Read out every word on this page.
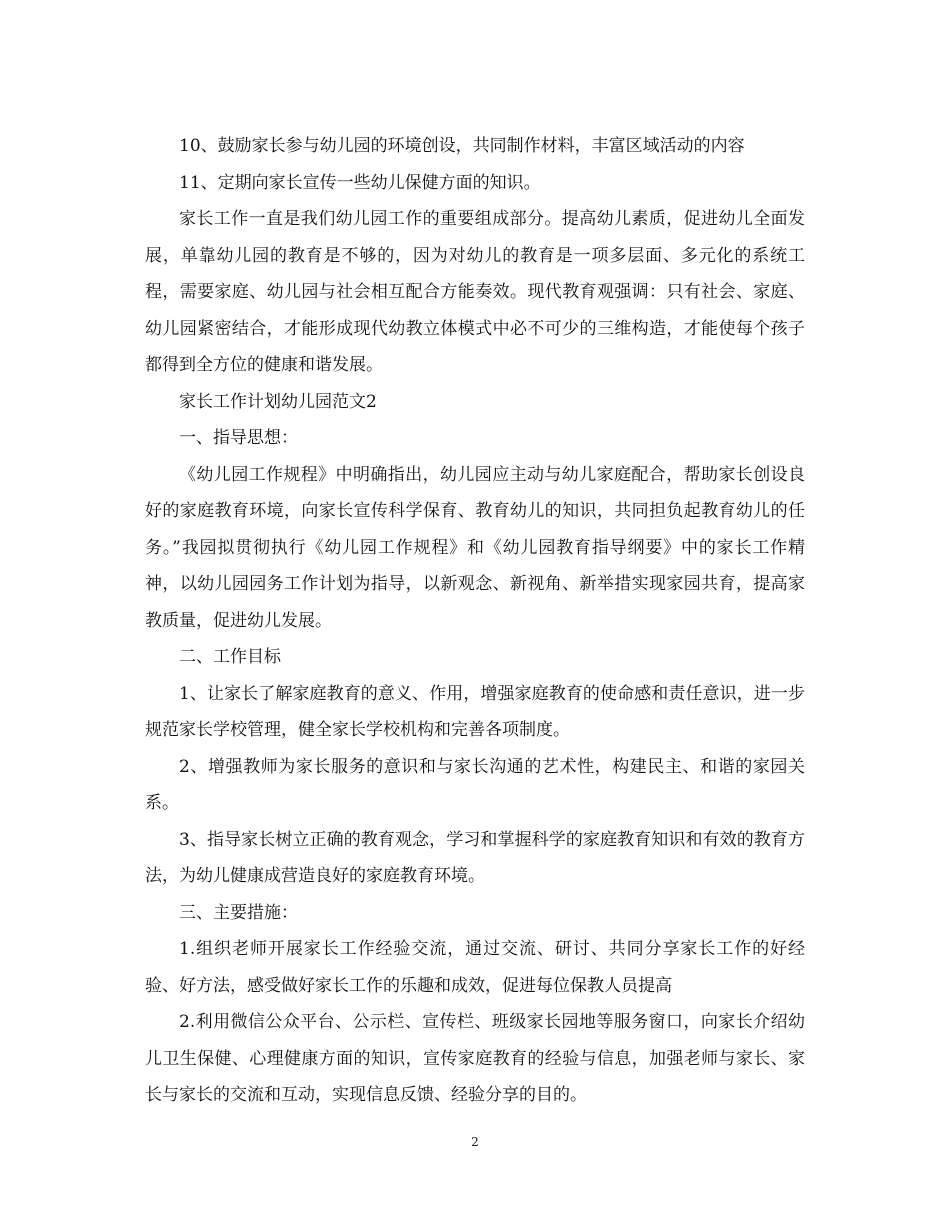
10、鼓励家长参与幼儿园的环境创设，共同制作材料，丰富区域活动的内容

11、定期向家长宣传一些幼儿保健方面的知识。

家长工作一直是我们幼儿园工作的重要组成部分。提高幼儿素质，促进幼儿全面发展，单靠幼儿园的教育是不够的，因为对幼儿的教育是一项多层面、多元化的系统工程，需要家庭、幼儿园与社会相互配合方能奏效。现代教育观强调：只有社会、家庭、幼儿园紧密结合，才能形成现代幼教立体模式中必不可少的三维构造，才能使每个孩子都得到全方位的健康和谐发展。

家长工作计划幼儿园范文2

一、指导思想：

《幼儿园工作规程》中明确指出，幼儿园应主动与幼儿家庭配合，帮助家长创设良好的家庭教育环境，向家长宣传科学保育、教育幼儿的知识，共同担负起教育幼儿的任务。”我园拟贯彻执行《幼儿园工作规程》和《幼儿园教育指导纲要》中的家长工作精神，以幼儿园园务工作计划为指导，以新观念、新视角、新举措实现家园共育，提高家教质量，促进幼儿发展。

二、工作目标

1、让家长了解家庭教育的意义、作用，增强家庭教育的使命感和责任意识，进一步规范家长学校管理，健全家长学校机构和完善各项制度。

2、增强教师为家长服务的意识和与家长沟通的艺术性，构建民主、和谐的家园关系。

3、指导家长树立正确的教育观念，学习和掌握科学的家庭教育知识和有效的教育方法，为幼儿健康成营造良好的家庭教育环境。

三、主要措施：

1.组织老师开展家长工作经验交流，通过交流、研讨、共同分享家长工作的好经验、好方法，感受做好家长工作的乐趣和成效，促进每位保教人员提高

2.利用微信公众平台、公示栏、宣传栏、班级家长园地等服务窗口，向家长介绍幼儿卫生保健、心理健康方面的知识，宣传家庭教育的经验与信息，加强老师与家长、家长与家长的交流和互动，实现信息反馈、经验分享的目的。

2
